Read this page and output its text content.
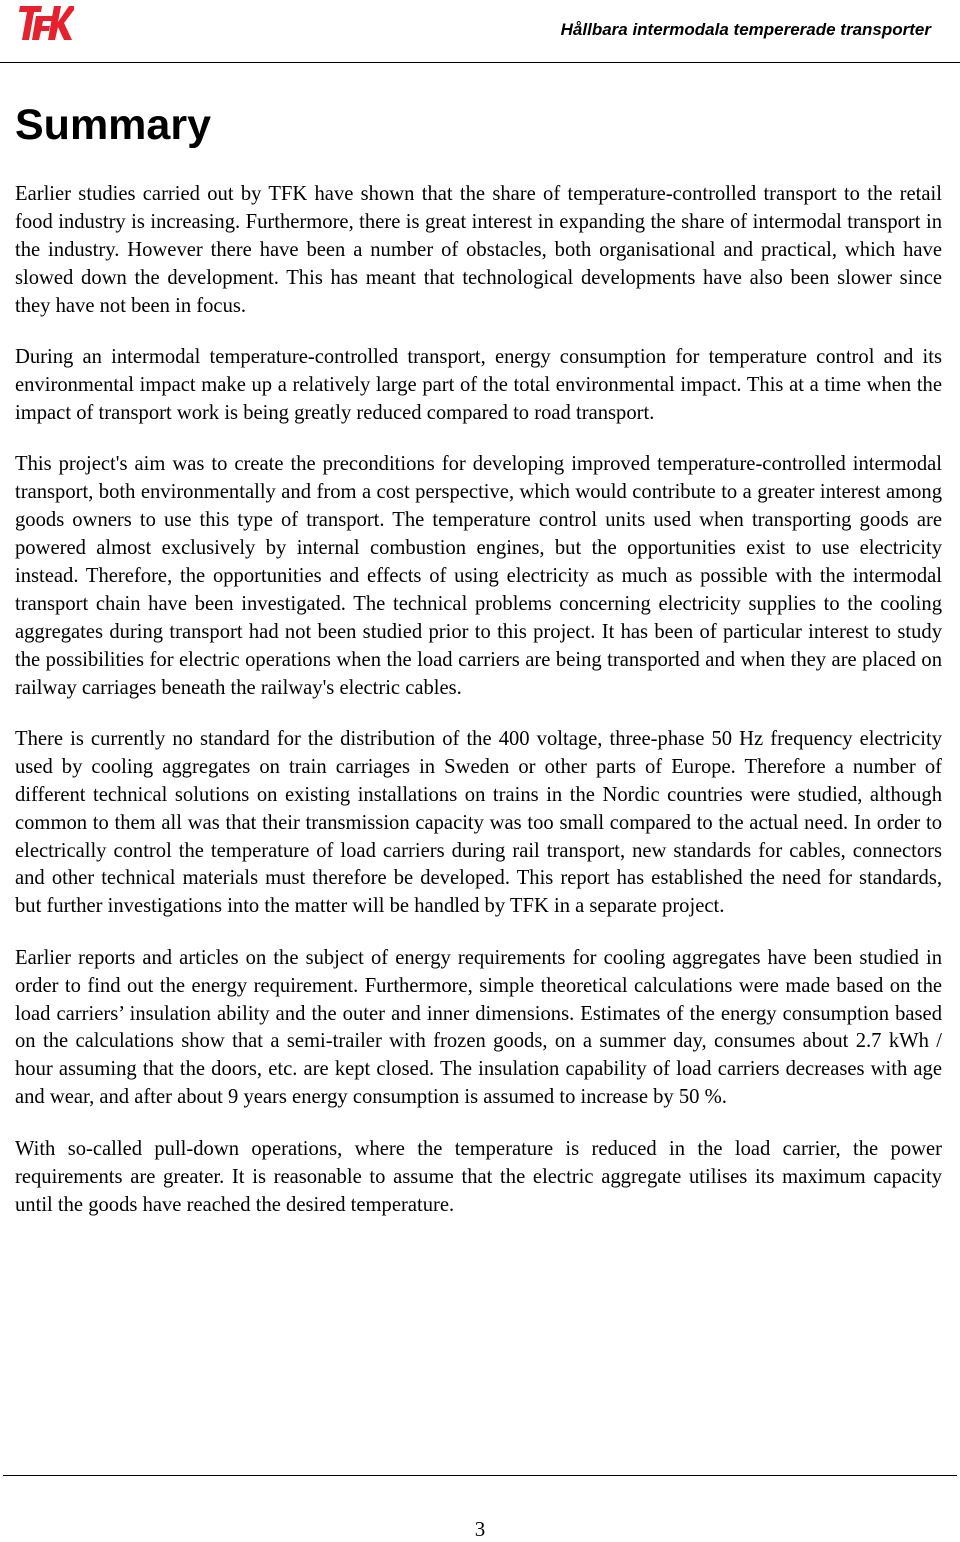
Hållbara intermodala tempererade transporter
Summary

Earlier studies carried out by TFK have shown that the share of temperature-controlled transport to the retail food industry is increasing. Furthermore, there is great interest in expanding the share of intermodal transport in the industry. However there have been a number of obstacles, both organisational and practical, which have slowed down the development. This has meant that technological developments have also been slower since they have not been in focus.

During an intermodal temperature-controlled transport, energy consumption for temperature control and its environmental impact make up a relatively large part of the total environmental impact. This at a time when the impact of transport work is being greatly reduced compared to road transport.

This project's aim was to create the preconditions for developing improved temperature-controlled intermodal transport, both environmentally and from a cost perspective, which would contribute to a greater interest among goods owners to use this type of transport. The temperature control units used when transporting goods are powered almost exclusively by internal combustion engines, but the opportunities exist to use electricity instead. Therefore, the opportunities and effects of using electricity as much as possible with the intermodal transport chain have been investigated. The technical problems concerning electricity supplies to the cooling aggregates during transport had not been studied prior to this project. It has been of particular interest to study the possibilities for electric operations when the load carriers are being transported and when they are placed on railway carriages beneath the railway's electric cables.

There is currently no standard for the distribution of the 400 voltage, three-phase 50 Hz frequency electricity used by cooling aggregates on train carriages in Sweden or other parts of Europe. Therefore a number of different technical solutions on existing installations on trains in the Nordic countries were studied, although common to them all was that their transmission capacity was too small compared to the actual need. In order to electrically control the temperature of load carriers during rail transport, new standards for cables, connectors and other technical materials must therefore be developed. This report has established the need for standards, but further investigations into the matter will be handled by TFK in a separate project.

Earlier reports and articles on the subject of energy requirements for cooling aggregates have been studied in order to find out the energy requirement. Furthermore, simple theoretical calculations were made based on the load carriers’ insulation ability and the outer and inner dimensions. Estimates of the energy consumption based on the calculations show that a semi-trailer with frozen goods, on a summer day, consumes about 2.7 kWh / hour assuming that the doors, etc. are kept closed. The insulation capability of load carriers decreases with age and wear, and after about 9 years energy consumption is assumed to increase by 50 %.

With so-called pull-down operations, where the temperature is reduced in the load carrier, the power requirements are greater. It is reasonable to assume that the electric aggregate utilises its maximum capacity until the goods have reached the desired temperature.

3
